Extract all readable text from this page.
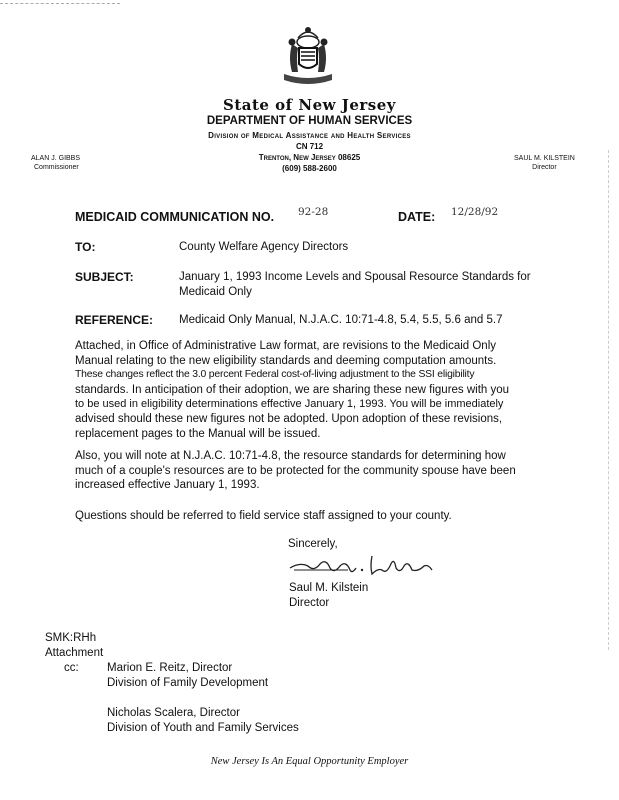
State of New Jersey
DEPARTMENT OF HUMAN SERVICES
Division of Medical Assistance and Health Services
CN 712
Trenton, New Jersey 08625
(609) 588-2600
ALAN J. GIBBS
Commissioner
SAUL M. KILSTEIN
Director
MEDICAID COMMUNICATION NO. 92-28	DATE: 12/28/92
TO:	County Welfare Agency Directors
SUBJECT:	January 1, 1993 Income Levels and Spousal Resource Standards for
Medicaid Only
REFERENCE: Medicaid Only Manual, N.J.A.C. 10:71-4.8, 5.4, 5.5, 5.6 and 5.7
Attached, in Office of Administrative Law format, are revisions to the Medicaid Only
Manual relating to the new eligibility standards and deeming computation amounts.
These changes reflect the 3.0 percent Federal cost-of-living adjustment to the SSI eligibility
standards. In anticipation of their adoption, we are sharing these new figures with you
to be used in eligibility determinations effective January 1, 1993. You will be immediately
advised should these new figures not be adopted. Upon adoption of these revisions,
replacement pages to the Manual will be issued.
Also, you will note at N.J.A.C. 10:71-4.8, the resource standards for determining how
much of a couple's resources are to be protected for the community spouse have been
increased effective January 1, 1993.
Questions should be referred to field service staff assigned to your county.
Sincerely,
Saul M. Kilstein
Director
SMK:RHh
Attachment
cc: Marion E. Reitz, Director
Division of Family Development
Nicholas Scalera, Director
Division of Youth and Family Services
New Jersey Is An Equal Opportunity Employer
